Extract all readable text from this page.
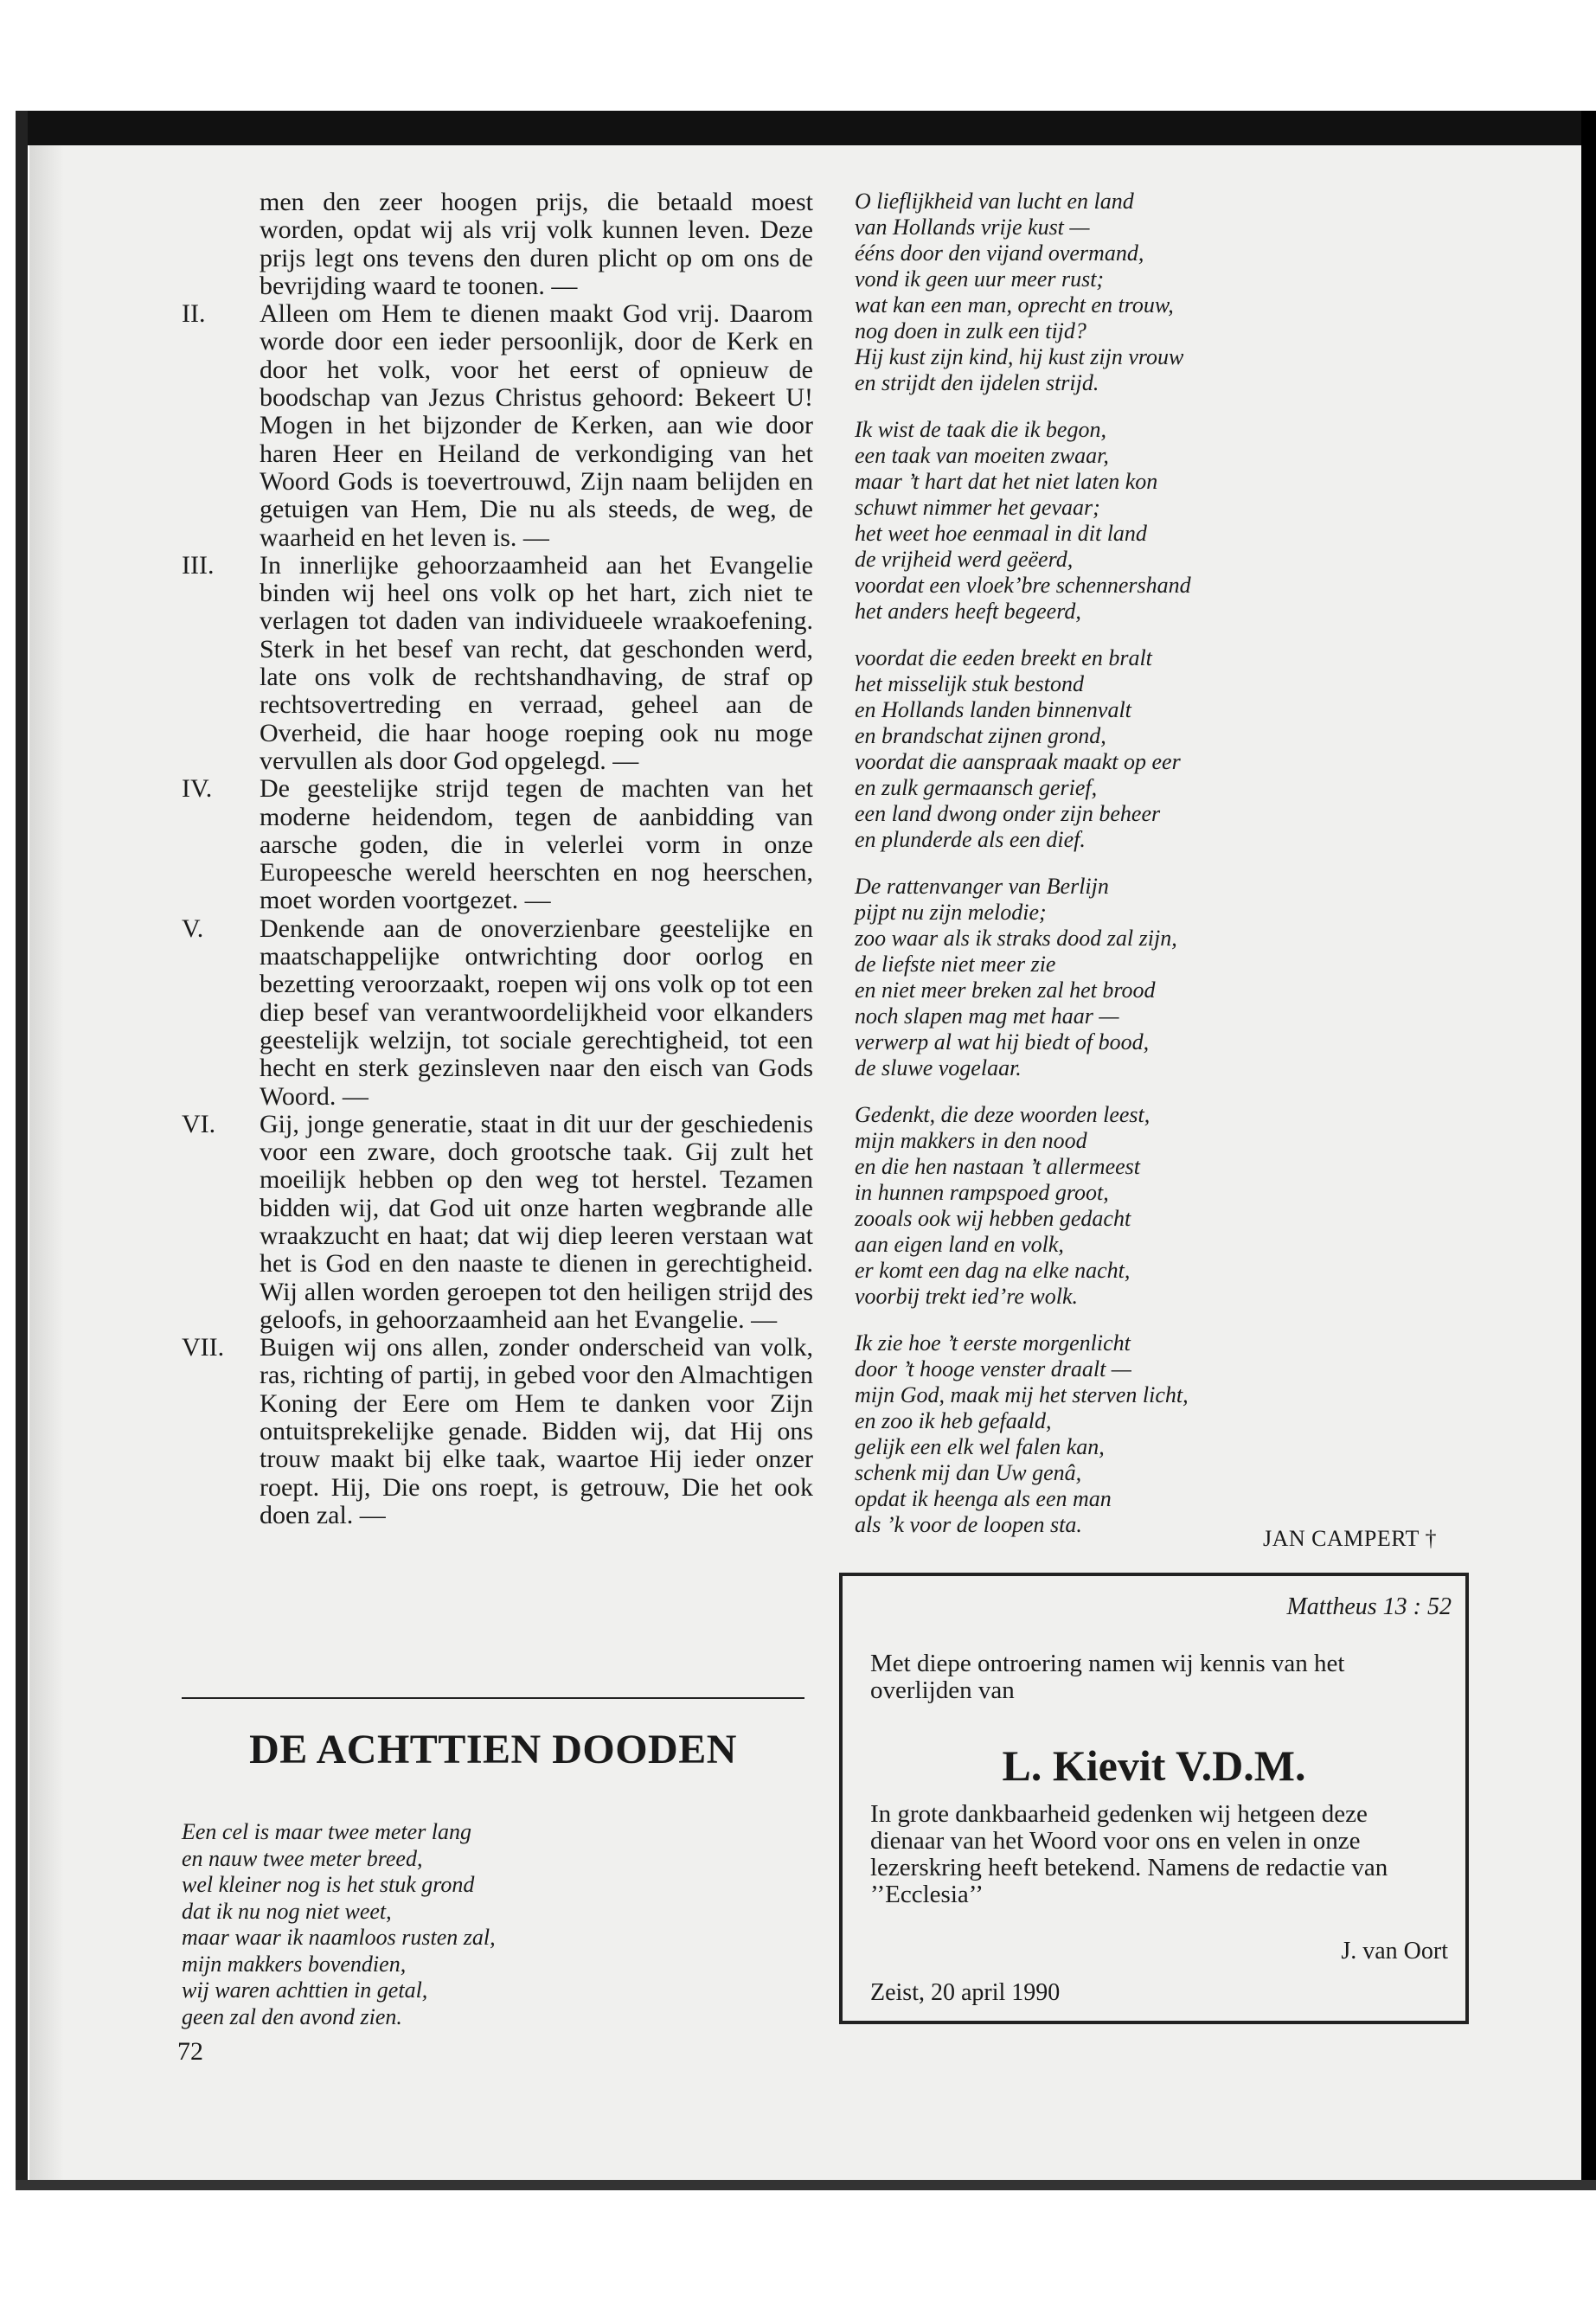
men den zeer hoogen prijs, die betaald moest worden, opdat wij als vrij volk kunnen leven. Deze prijs legt ons tevens den duren plicht op om ons de bevrijding waard te toonen. —

II. Alleen om Hem te dienen maakt God vrij. Daarom worde door een ieder persoonlijk, door de Kerk en door het volk, voor het eerst of opnieuw de boodschap van Jezus Christus gehoord: Bekeert U! Mogen in het bijzonder de Kerken, aan wie door haren Heer en Heiland de verkondiging van het Woord Gods is toevertrouwd, Zijn naam belijden en getuigen van Hem, Die nu als steeds, de weg, de waarheid en het leven is. —

III. In innerlijke gehoorzaamheid aan het Evangelie binden wij heel ons volk op het hart, zich niet te verlagen tot daden van individueele wraakoefening. Sterk in het besef van recht, dat geschonden werd, late ons volk de rechtshandhaving, de straf op rechtsovertreding en verraad, geheel aan de Overheid, die haar hooge roeping ook nu moge vervullen als door God opgelegd. —

IV. De geestelijke strijd tegen de machten van het moderne heidendom, tegen de aanbidding van aarsche goden, die in velerlei vorm in onze Europeesche wereld heerschten en nog heerschen, moet worden voortgezet. —

V. Denkende aan de onoverzienbare geestelijke en maatschappelijke ontwrichting door oorlog en bezetting veroorzaakt, roepen wij ons volk op tot een diep besef van verantwoordelijkheid voor elkanders geestelijk welzijn, tot sociale gerechtigheid, tot een hecht en sterk gezinsleven naar den eisch van Gods Woord. —

VI. Gij, jonge generatie, staat in dit uur der geschiedenis voor een zware, doch grootsche taak. Gij zult het moeilijk hebben op den weg tot herstel. Tezamen bidden wij, dat God uit onze harten wegbrande alle wraakzucht en haat; dat wij diep leeren verstaan wat het is God en den naaste te dienen in gerechtigheid. Wij allen worden geroepen tot den heiligen strijd des geloofs, in gehoorzaamheid aan het Evangelie. —

VII. Buigen wij ons allen, zonder onderscheid van volk, ras, richting of partij, in gebed voor den Almachtigen Koning der Eere om Hem te danken voor Zijn ontuitsprekelijke genade. Bidden wij, dat Hij ons trouw maakt bij elke taak, waartoe Hij ieder onzer roept. Hij, Die ons roept, is getrouw, Die het ook doen zal. —

DE ACHTTIEN DOODEN
Een cel is maar twee meter lang
en nauw twee meter breed,
wel kleiner nog is het stuk grond
dat ik nu nog niet weet,
maar waar ik naamloos rusten zal,
mijn makkers bovendien,
wij waren achttien in getal,
geen zal den avond zien.
72
O lieflijkheid van lucht en land
van Hollands vrije kust —
ééns door den vijand overmand,
vond ik geen uur meer rust;
wat kan een man, oprecht en trouw,
nog doen in zulk een tijd?
Hij kust zijn kind, hij kust zijn vrouw
en strijdt den ijdelen strijd.
Ik wist de taak die ik begon,
een taak van moeiten zwaar,
maar ’t hart dat het niet laten kon
schuwt nimmer het gevaar;
het weet hoe eenmaal in dit land
de vrijheid werd geëerd,
voordat een vloek’bre schennershand
het anders heeft begeerd,
voordat die eeden breekt en bralt
het misselijk stuk bestond
en Hollands landen binnenvalt
en brandschat zijnen grond,
voordat die aanspraak maakt op eer
en zulk germaansch gerief,
een land dwong onder zijn beheer
en plunderde als een dief.
De rattenvanger van Berlijn
pijpt nu zijn melodie;
zoo waar als ik straks dood zal zijn,
de liefste niet meer zie
en niet meer breken zal het brood
noch slapen mag met haar —
verwerp al wat hij biedt of bood,
de sluwe vogelaar.
Gedenkt, die deze woorden leest,
mijn makkers in den nood
en die hen nastaan ’t allermeest
in hunnen rampspoed groot,
zooals ook wij hebben gedacht
aan eigen land en volk,
er komt een dag na elke nacht,
voorbij trekt ied’re wolk.
Ik zie hoe ’t eerste morgenlicht
door ’t hooge venster draalt —
mijn God, maak mij het sterven licht,
en zoo ik heb gefaald,
gelijk een elk wel falen kan,
schenk mij dan Uw genâ,
opdat ik heenga als een man
als ’k voor de loopen sta.
JAN CAMPERT †
Mattheus 13 : 52
Met diepe ontroering namen wij kennis van het overlijden van
L. Kievit V.D.M.
In grote dankbaarheid gedenken wij hetgeen deze dienaar van het Woord voor ons en velen in onze lezerskring heeft betekend. Namens de redactie van ’’Ecclesia’’
J. van Oort
Zeist, 20 april 1990
